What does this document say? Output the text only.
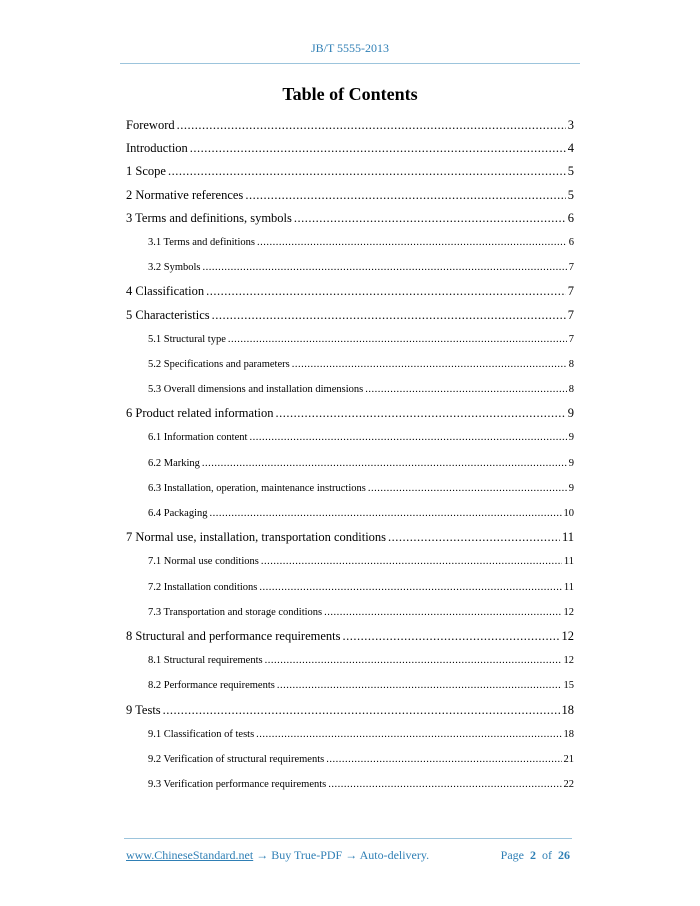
JB/T 5555-2013
Table of Contents
Foreword .....	3
Introduction .....	4
1 Scope .....	5
2 Normative references .....	5
3 Terms and definitions, symbols .....	6
3.1 Terms and definitions .....	6
3.2 Symbols .....	7
4 Classification .....	7
5 Characteristics .....	7
5.1 Structural type .....	7
5.2 Specifications and parameters .....	8
5.3 Overall dimensions and installation dimensions .....	8
6 Product related information .....	9
6.1 Information content .....	9
6.2 Marking .....	9
6.3 Installation, operation, maintenance instructions .....	9
6.4 Packaging .....	10
7 Normal use, installation, transportation conditions .....	11
7.1 Normal use conditions .....	11
7.2 Installation conditions .....	11
7.3 Transportation and storage conditions .....	12
8 Structural and performance requirements .....	12
8.1 Structural requirements .....	12
8.2 Performance requirements .....	15
9 Tests .....	18
9.1 Classification of tests .....	18
9.2 Verification of structural requirements .....	21
9.3 Verification performance requirements .....	22
www.ChineseStandard.net → Buy True-PDF → Auto-delivery.	Page 2 of 26
